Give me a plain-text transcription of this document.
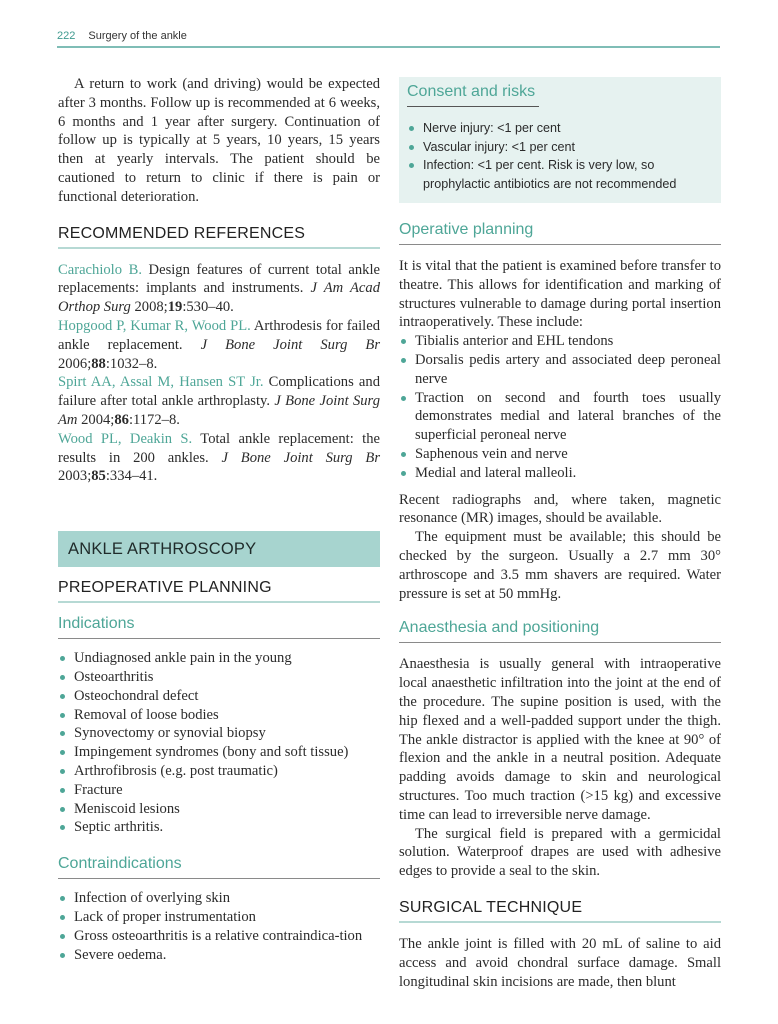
222 Surgery of the ankle

A return to work (and driving) would be expected after 3 months. Follow up is recommended at 6 weeks, 6 months and 1 year after surgery. Continuation of follow up is typically at 5 years, 10 years, 15 years then at yearly intervals. The patient should be cautioned to return to clinic if there is pain or functional deterioration.

RECOMMENDED REFERENCES

Carachiolo B. Design features of current total ankle replacements: implants and instruments. J Am Acad Orthop Surg 2008;19:530–40.

Hopgood P, Kumar R, Wood PL. Arthrodesis for failed ankle replacement. J Bone Joint Surg Br 2006;88:1032–8.

Spirt AA, Assal M, Hansen ST Jr. Complications and failure after total ankle arthroplasty. J Bone Joint Surg Am 2004;86:1172–8.

Wood PL, Deakin S. Total ankle replacement: the results in 200 ankles. J Bone Joint Surg Br 2003;85:334–41.

ANKLE ARTHROSCOPY
PREOPERATIVE PLANNING
Indications
Undiagnosed ankle pain in the young
Osteoarthritis
Osteochondral defect
Removal of loose bodies
Synovectomy or synovial biopsy
Impingement syndromes (bony and soft tissue)
Arthrofibrosis (e.g. post traumatic)
Fracture
Meniscoid lesions
Septic arthritis.
Contraindications
Infection of overlying skin
Lack of proper instrumentation
Gross osteoarthritis is a relative contraindica-tion
Severe oedema.
Consent and risks
Nerve injury: <1 per cent
Vascular injury: <1 per cent
Infection: <1 per cent. Risk is very low, so prophylactic antibiotics are not recommended
Operative planning

It is vital that the patient is examined before transfer to theatre. This allows for identification and marking of structures vulnerable to damage during portal insertion intraoperatively. These include:

Tibialis anterior and EHL tendons
Dorsalis pedis artery and associated deep peroneal nerve
Traction on second and fourth toes usually demonstrates medial and lateral branches of the superficial peroneal nerve
Saphenous vein and nerve
Medial and lateral malleoli.

Recent radiographs and, where taken, magnetic resonance (MR) images, should be available.

The equipment must be available; this should be checked by the surgeon. Usually a 2.7 mm 30° arthroscope and 3.5 mm shavers are required. Water pressure is set at 50 mmHg.

Anaesthesia and positioning

Anaesthesia is usually general with intraoperative local anaesthetic infiltration into the joint at the end of the procedure. The supine position is used, with the hip flexed and a well-padded support under the thigh. The ankle distractor is applied with the knee at 90° of flexion and the ankle in a neutral position. Adequate padding avoids damage to skin and neurological structures. Too much traction (>15 kg) and excessive time can lead to irreversible nerve damage.

The surgical field is prepared with a germicidal solution. Waterproof drapes are used with adhesive edges to provide a seal to the skin.

SURGICAL TECHNIQUE

The ankle joint is filled with 20 mL of saline to aid access and avoid chondral surface damage. Small longitudinal skin incisions are made, then blunt
